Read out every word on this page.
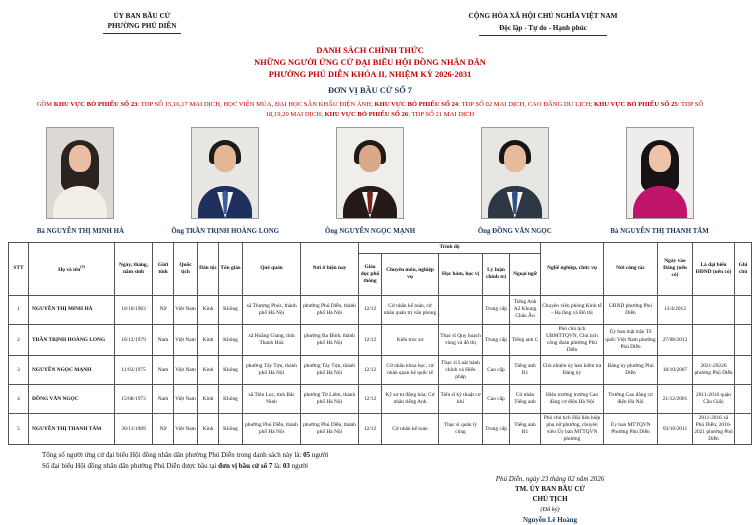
ỦY BAN BẦU CỬ
PHƯỜNG PHÚ DIỄN
CỘNG HÒA XÃ HỘI CHỦ NGHĨA VIỆT NAM
Độc lập - Tự do - Hạnh phúc
DANH SÁCH CHÍNH THỨC
NHỮNG NGƯỜI ỨNG CỬ ĐẠI BIỂU HỘI ĐỒNG NHÂN DÂN
PHƯỜNG PHÚ DIỄN KHÓA II, NHIỆM KỲ 2026-2031
ĐƠN VỊ BẦU CỬ SỐ 7
GỒM KHU VỰC BỎ PHIẾU SỐ 23: TDP SỐ 15,16,17 MAI DỊCH, HỌC VIỆN MÚA, ĐẠI HỌC SÂN KHẤU ĐIỆN ẢNH; KHU VỰC BỎ PHIẾU SỐ 24: TDP SỐ 02 MAI DỊCH, CAO ĐẲNG DU LỊCH; KHU VỰC BỎ PHIẾU SỐ 25: TDP SỐ 18,19,20 MAI DỊCH; KHU VỰC BỎ PHIẾU SỐ 26: TDP SỐ 21 MAI DỊCH
Bà NGUYỄN THỊ MINH HÀ	Ông TRẦN TRỊNH HOÀNG LONG	Ông NGUYỄN NGỌC MẠNH	Ông ĐỒNG VĂN NGỌC	Bà NGUYỄN THỊ THANH TÂM
STT	Họ và tên$^{(5)}$	Ngày, tháng, năm sinh	Giới tính	Quốc tịch	Dân tộc	Tôn giáo	Quê quán	Nơi ở hiện nay	Trình độ					Nghề nghiệp, chức vụ	Nơi công tác	Ngày vào Đảng (nếu có)	Là đại biểu HĐND (nếu có)	Ghi chú
									Giáo dục phổ thông	Chuyên môn, nghiệp vụ	Học hàm, học vị	Lý luận chính trị	Ngoại ngữ					
1	NGUYỄN THỊ MINH HÀ	10/10/1983	Nữ	Việt Nam	Kinh	Không	xã Thượng Phúc, thành phố Hà Nội	phường Phú Diễn, thành phố Hà Nội	12/12	Cử nhân kế toán, cử nhân quản trị văn phòng		Trung cấp	Tiếng Anh A2 Khung Châu Âu	Chuyên viên phòng Kinh tế - Hạ tầng và Đô thị	UBND phường Phú Diễn	13/4/2012		
2	TRẦN TRỊNH HOÀNG LONG	16/12/1979	Nam	Việt Nam	Kinh	Không	xã Hoằng Giang, tỉnh Thanh Hóa	phường Ba Đình, thành phố Hà Nội	12/12	Kiến trúc sư	Thạc sĩ Quy hoạch vùng và đô thị	Trung cấp	Tiếng anh C	Phó chủ tịch UBMTTQVN, Chủ tịch công đoàn phường Phú Diễn	Ủy ban mặt trận Tổ quốc Việt Nam phường Phú Diễn	27/08/2013		
3	NGUYỄN NGỌC MẠNH	11/03/1975	Nam	Việt Nam	Kinh	Không	phường Tây Tựu, thành phố Hà Nội	phường Tây Tựu, thành phố Hà Nội	12/12	Cử nhân khoa học, cử nhân quan hệ quốc tế	Thạc sĩ Luật hành chính và Hiến pháp	Cao cấp	Tiếng anh B1	Chủ nhiệm ủy ban kiểm tra Đảng ủy	Đảng ủy phường Phú Diễn	18/10/2007	2021-20226 phường Phú Diễn	
4	ĐỒNG VĂN NGỌC	15/08/1973	Nam	Việt Nam	Kinh	Không	xã Tiên Lục, tỉnh Bắc Ninh	phường Từ Liêm, thành phố Hà Nội	12/12	Kỹ sư tự động hóa; Cử nhân tiếng Anh	Tiến sĩ kỹ thuật cơ khí	Cao cấp	Cử nhân Tiếng anh	Hiệu trưởng trường Cao đẳng cơ điện Hà Nội	Trường Cao đẳng cơ điện Hà Nội	21/12/2001	2011-2016 quận Cầu Giấy	
5	NGUYỄN THỊ THANH TÂM	30/11/1989	Nữ	Việt Nam	Kinh	Không	phường Phú Diễn, thành phố Hà Nội	phường Phú Diễn, thành phố Hà Nội	12/12	Cử nhân kế toán	Thạc sĩ quản lý công	Trung cấp	Tiếng anh B1	Phó chủ tịch Hội liên hiệp phụ nữ phường, chuyên viên Ủy ban MTTQVN phường	Ủy ban MTTQVN Phường Phú Diễn	03/10/2011	2011-2016 xã Phú Diễn; 2016-2021 phường Phú Diễn	
Tổng số người ứng cử đại biểu Hội đồng nhân dân phường Phú Diễn trong danh sách này là: 05 người
Số đại biểu Hội đồng nhân dân phường Phú Diễn được bầu tại đơn vị bầu cử số 7 là: 03 người
Phú Diễn, ngày 23 tháng 02 năm 2026
TM. ỦY BAN BẦU CỬ
CHỦ TỊCH
(Đã ký)
Nguyễn Lê Hoàng
